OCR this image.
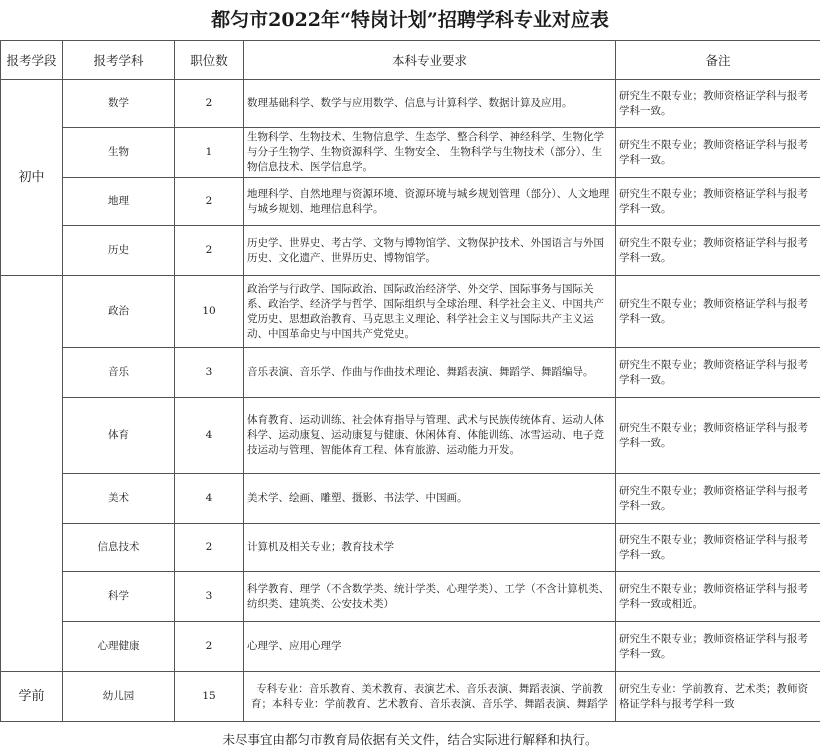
都匀市2022年“特岗计划”招聘学科专业对应表
报考学段	报考学科	职位数	本科专业要求	备注
初中	数学	2	数理基础科学、数学与应用数学、信息与计算科学、数据计算及应用。	研究生不限专业；教师资格证学科与报考学科一致。
	生物	1	生物科学、生物技术、生物信息学、生态学、整合科学、神经科学、生物化学与分子生物学、生物资源科学、生物安全、 生物科学与生物技术（部分）、生物信息技术、医学信息学。	研究生不限专业；教师资格证学科与报考学科一致。
	地理	2	地理科学、自然地理与资源环境、资源环境与城乡规划管理（部分）、人文地理与城乡规划、地理信息科学。	研究生不限专业；教师资格证学科与报考学科一致。
	历史	2	历史学、世界史、考古学、文物与博物馆学、文物保护技术、外国语言与外国历史、文化遗产、世界历史、博物馆学。	研究生不限专业；教师资格证学科与报考学科一致。
	政治	10	政治学与行政学、国际政治、国际政治经济学、外交学、国际事务与国际关系、政治学、经济学与哲学、国际组织与全球治理、科学社会主义、中国共产党历史、思想政治教育、马克思主义理论、科学社会主义与国际共产主义运动、中国革命史与中国共产党党史。	研究生不限专业；教师资格证学科与报考学科一致。
	音乐	3	音乐表演、音乐学、作曲与作曲技术理论、舞蹈表演、舞蹈学、舞蹈编导。	研究生不限专业；教师资格证学科与报考学科一致。
	体育	4	体育教育、运动训练、社会体育指导与管理、武术与民族传统体育、运动人体科学、运动康复、运动康复与健康、休闲体育、体能训练、冰雪运动、电子竞技运动与管理、智能体育工程、体育旅游、运动能力开发。	研究生不限专业；教师资格证学科与报考学科一致。
	美术	4	美术学、绘画、雕塑、摄影、书法学、中国画。	研究生不限专业；教师资格证学科与报考学科一致。
	信息技术	2	计算机及相关专业；教育技术学	研究生不限专业；教师资格证学科与报考学科一致。
	科学	3	科学教育、理学（不含数学类、统计学类、心理学类）、工学（不含计算机类、纺织类、建筑类、公安技术类）	研究生不限专业；教师资格证学科与报考学科一致或相近。
	心理健康	2	心理学、应用心理学	研究生不限专业；教师资格证学科与报考学科一致。
学前	幼儿园	15	专科专业：音乐教育、美术教育、表演艺术、音乐表演、舞蹈表演、学前教育；本科专业：学前教育、艺术教育、音乐表演、音乐学、舞蹈表演、舞蹈学	研究生专业：学前教育、艺术类；教师资格证学科与报考学科一致
未尽事宜由都匀市教育局依据有关文件，结合实际进行解释和执行。
